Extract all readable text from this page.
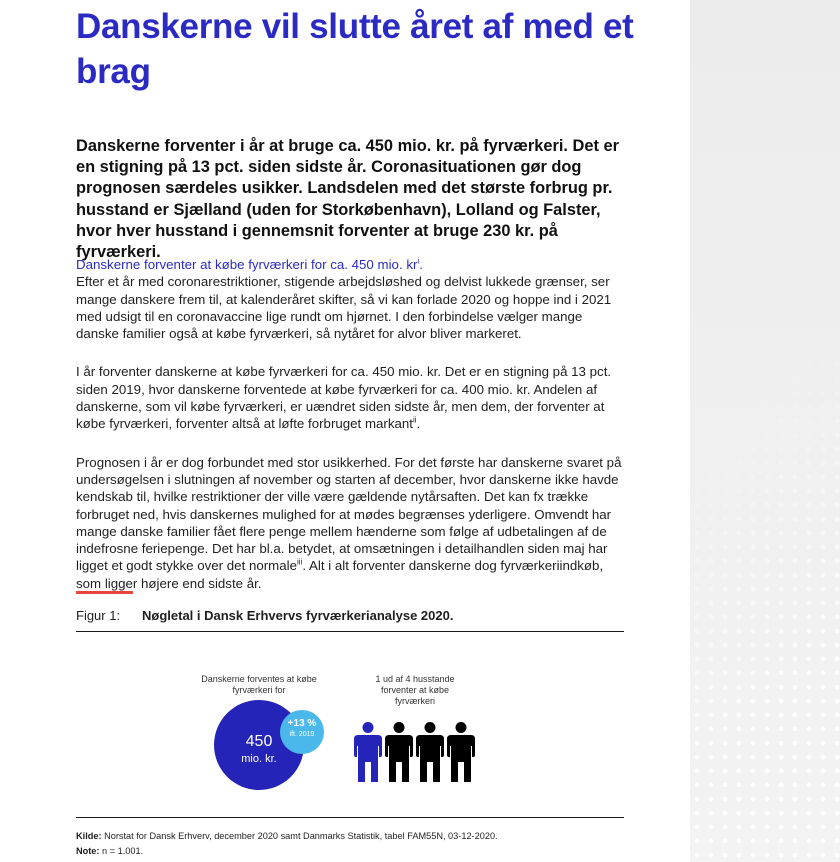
Danskerne vil slutte året af med et brag

Danskerne forventer i år at bruge ca. 450 mio. kr. på fyrværkeri. Det er en stigning på 13 pct. siden sidste år. Coronasituationen gør dog prognosen særdeles usikker. Landsdelen med det største forbrug pr. husstand er Sjælland (uden for Storkøbenhavn), Lolland og Falster, hvor hver husstand i gennemsnit forventer at bruge 230 kr. på fyrværkeri.

Danskerne forventer at købe fyrværkeri for ca. 450 mio. $kr^i$.
Efter et år med coronarestriktioner, stigende arbejdsløshed og delvist lukkede grænser, ser mange danskere frem til, at kalenderåret skifter, så vi kan forlade 2020 og hoppe ind i 2021 med udsigt til en coronavaccine lige rundt om hjørnet. I den forbindelse vælger mange danske familier også at købe fyrværkeri, så nytåret for alvor bliver markeret.

I år forventer danskerne at købe fyrværkeri for ca. 450 mio. kr. Det er en stigning på 13 pct. siden 2019, hvor danskerne forventede at købe fyrværkeri for ca. 400 mio. kr. Andelen af danskerne, som vil købe fyrværkeri, er uændret siden sidste år, men dem, der forventer at købe fyrværkeri, forventer altså at løfte forbruget markant$^{ii}$.

Prognosen i år er dog forbundet med stor usikkerhed. For det første har danskerne svaret på undersøgelsen i slutningen af november og starten af december, hvor danskerne ikke havde kendskab til, hvilke restriktioner der ville være gældende nytårsaften. Det kan fx trække forbruget ned, hvis danskernes mulighed for at mødes begrænses yderligere. Omvendt har mange danske familier fået flere penge mellem hænderne som følge af udbetalingen af de indefrosne feriepenge. Det har bl.a. betydet, at omsætningen i detailhandlen siden maj har ligget et godt stykke over det normale$^{iii}$. Alt i alt forventer danskerne dog fyrværkeriindkøb, som ligger højere end sidste år.

Figur 1: Nøgletal i Dansk Erhvervs fyrværkerianalyse 2020.
Danskerne forventes at købe fyrværkeri for
450
mio. kr.
+13 %
ift. 2019
1 ud af 4 husstande forventer at købe fyrværkeri
Kilde: Norstat for Dansk Erhverv, december 2020 samt Danmarks Statistik, tabel FAM55N, 03-12-2020.
Note: n = 1.001.
